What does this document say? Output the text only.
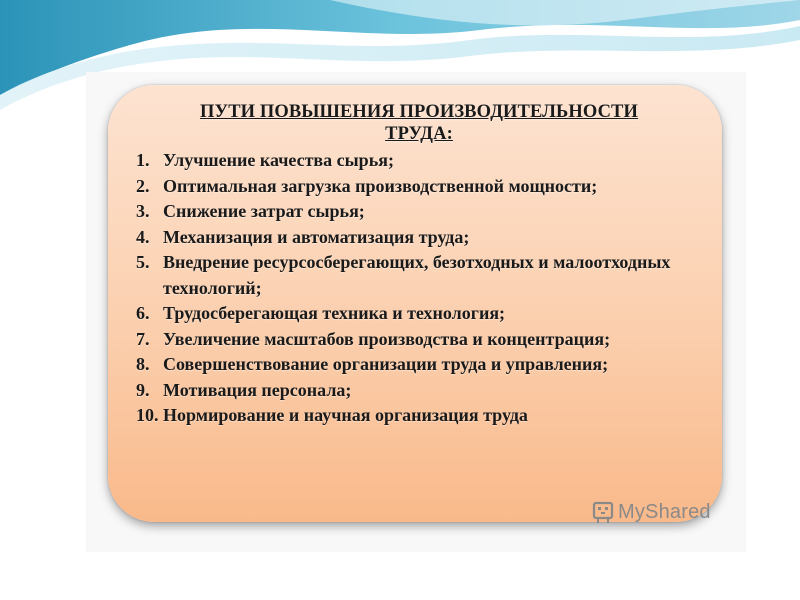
ПУТИ ПОВЫШЕНИЯ ПРОИЗВОДИТЕЛЬНОСТИ
ТРУДА:
1. Улучшение качества сырья;
2. Оптимальная загрузка производственной мощности;
3. Снижение затрат сырья;
4. Механизация и автоматизация труда;
5. Внедрение ресурсосберегающих, безотходных и малоотходных технологий;
6. Трудосберегающая техника и технология;
7. Увеличение масштабов производства и концентрация;
8. Совершенствование организации труда и управления;
9. Мотивация персонала;
10. Нормирование и научная организация труда
MyShared
